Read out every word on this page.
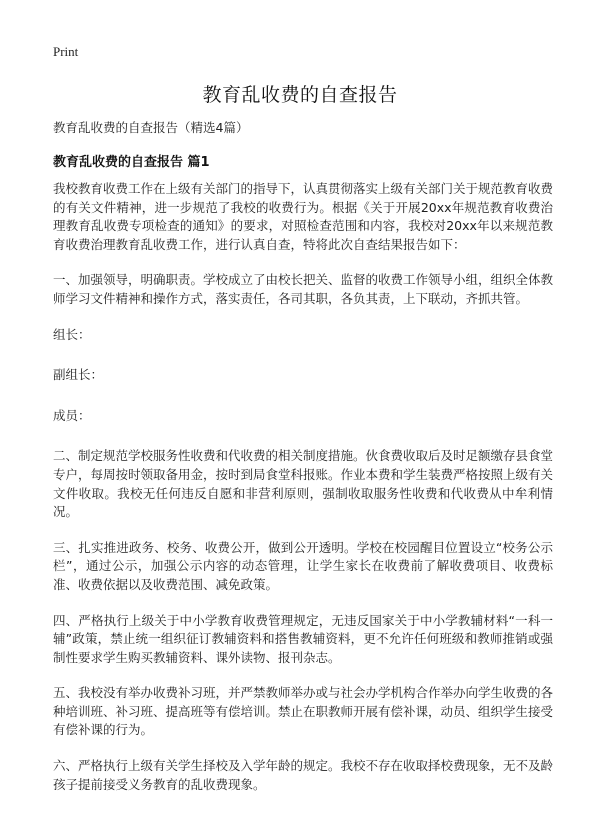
Print
教育乱收费的自查报告
教育乱收费的自查报告（精选4篇）
教育乱收费的自查报告 篇1

我校教育收费工作在上级有关部门的指导下，认真贯彻落实上级有关部门关于规范教育收费的有关文件精神，进一步规范了我校的收费行为。根据《关于开展20xx年规范教育收费治理教育乱收费专项检查的通知》的要求，对照检查范围和内容，我校对20xx年以来规范教育收费治理教育乱收费工作，进行认真自查，特将此次自查结果报告如下：

一、加强领导，明确职责。学校成立了由校长把关、监督的收费工作领导小组，组织全体教师学习文件精神和操作方式，落实责任，各司其职，各负其责，上下联动，齐抓共管。

组长：

副组长：

成员：

二、制定规范学校服务性收费和代收费的相关制度措施。伙食费收取后及时足额缴存县食堂专户，每周按时领取备用金，按时到局食堂科报账。作业本费和学生装费严格按照上级有关文件收取。我校无任何违反自愿和非营利原则，强制收取服务性收费和代收费从中牟利情况。

三、扎实推进政务、校务、收费公开，做到公开透明。学校在校园醒目位置设立“校务公示栏”，通过公示，加强公示内容的动态管理，让学生家长在收费前了解收费项目、收费标准、收费依据以及收费范围、减免政策。

四、严格执行上级关于中小学教育收费管理规定，无违反国家关于中小学教辅材料“一科一辅”政策，禁止统一组织征订教辅资料和搭售教辅资料，更不允许任何班级和教师推销或强制性要求学生购买教辅资料、课外读物、报刊杂志。

五、我校没有举办收费补习班，并严禁教师举办或与社会办学机构合作举办向学生收费的各种培训班、补习班、提高班等有偿培训。禁止在职教师开展有偿补课，动员、组织学生接受有偿补课的行为。

六、严格执行上级有关学生择校及入学年龄的规定。我校不存在收取择校费现象，无不及龄孩子提前接受义务教育的乱收费现象。
